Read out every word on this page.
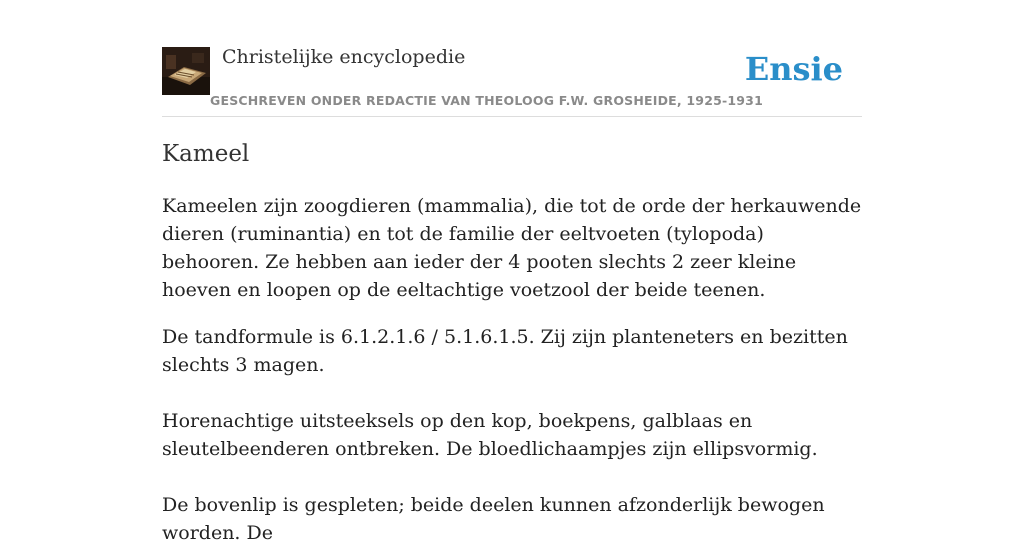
Christelijke encyclopedie
GESCHREVEN ONDER REDACTIE VAN THEOLOOG F.W. GROSHEIDE, 1925-1931
Ensie
Kameel

Kameelen zijn zoogdieren (mammalia), die tot de orde der herkauwende dieren (ruminantia) en tot de familie der eeltvoeten (tylopoda) behooren. Ze hebben aan ieder der 4 pooten slechts 2 zeer kleine hoeven en loopen op de eeltachtige voetzool der beide teenen.

De tandformule is 6.1.2.1.6 / 5.1.6.1.5. Zij zijn planteneters en bezitten slechts 3 magen.

Horenachtige uitsteeksels op den kop, boekpens, galblaas en sleutelbeenderen ontbreken. De bloedlichaampjes zijn ellipsvormig.

De bovenlip is gespleten; beide deelen kunnen afzonderlijk bewogen worden. De
